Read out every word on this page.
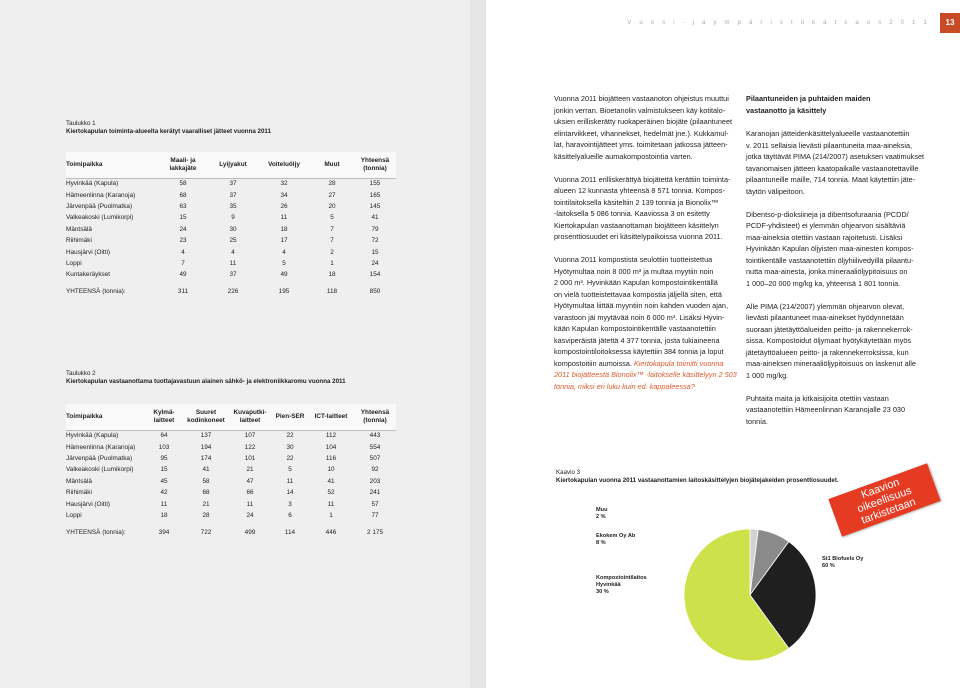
Taulukko 1
Kiertokapulan toiminta-alueelta kerätyt vaaralliset jätteet vuonna 2011
Toimipaikka	Maali- ja
lakkajäte	Lyijyakut	Voiteluöljy	Muut	Yhteensä
(tonnia)
Hyvinkää (Kapula)	58	37	32	28	155
Hämeenlinna (Karanoja)	68	37	34	27	165
Järvenpää (Puolmatka)	63	35	26	20	145
Valkeakoski (Lumikorpi)	15	9	11	5	41
Mäntsälä	24	30	18	7	79
Riihimäki	23	25	17	7	72
Hausjärvi (Oitti)	4	4	4	2	15
Loppi	7	11	5	1	24
Kuntakeräykset	49	37	49	18	154
YHTEENSÄ (tonnia):	311	226	195	118	850
Taulukko 2
Kiertokapulan vastaanottama tuottajavastuun alainen sähkö- ja elektroniikkaromu vuonna 2011
Toimipaikka	Kylmä-
laitteet	Suuret
kodinkoneet	Kuvaputki-
laitteet	Pien-SER	ICT-laitteet	Yhteensä
(tonnia)
Hyvinkää (Kapula)	64	137	107	22	112	443
Hämeenlinna (Karanoja)	103	194	122	30	104	554
Järvenpää (Puolmatka)	95	174	101	22	116	507
Valkeakoski (Lumikorpi)	15	41	21	5	10	92
Mäntsälä	45	58	47	11	41	203
Riihimäki	42	68	66	14	52	241
Hausjärvi (Oitti)	11	21	11	3	11	57
Loppi	18	28	24	6	1	77
YHTEENSÄ (tonnia):	394	722	499	114	446	2 175
V u o s i - j a y m p ä r i s t ö k a t s a u s 2 0 1 1	13

Vuonna 2011 biojätteen vastaanoton ohjeistus muuttui
jonkin verran. Bioetanolin valmistukseen käy kotitalo-
uksien erilliskerätty ruokaperäinen biojäte (pilaantuneet
elintarvikkeet, vihannekset, hedelmät jne.). Kukkamul-
lat, haravointijätteet yms. toimitetaan jatkossa jätteen-
käsittelyalueille aumakompostointia varten.

Vuonna 2011 erilliskerättyä biojätettä kerättiin toiminta-
alueen 12 kunnasta yhteensä 8 571 tonnia. Kompos-
tointilaitoksella käsiteltiin 2 139 tonnia ja Bionolix™
-laitoksella 5 086 tonnia. Kaaviossa 3 on esitetty
Kiertokapulan vastaanottaman biojätteen käsittelyn
prosenttiosuudet eri käsittelypaikoissa vuonna 2011.

Vuonna 2011 kompostista seulottiin tuotteistettua
Hyötymultaa noin 8 000 m³ ja multaa myytiin noin
2 000 m³. Hyvinkään Kapulan kompostointikentällä
on vielä tuotteistettavaa kompostia jäljellä siten, että
Hyötymultaa liittää myyntiin noin kahden vuoden ajan,
varastoon jäi myytävää noin 6 000 m³. Lisäksi Hyvin-
kään Kapulan kompostointikentälle vastaanotettiin
kasviperäistä jätettä 4 377 tonnia, josta tukiaineena
kompostointiloitoksessa käytettiin 384 tonnia ja loput
kompostoitiin aumoissa. Kiertokapula toimitti vuonna
2011 biojätteestä Bionolix™ -laitokselle käsittelyyn 2 503
tonnia, miksi eri luku kuin ed. kappaleessa?

Pilaantuneiden ja puhtaiden maiden
vastaanotto ja käsittely

Karanojan jätteidenkäsittelyalueelle vastaanotettiin
v. 2011 sellaisia lievästi pilaantuneita maa-aineksia,
jotka täyttävät PIMA (214/2007) asetuksen vaatimukset
tavanomaisen jätteen kaatopaikalle vastaanotettaville
pilaantuneille maille, 714 tonnia. Maat käytettiin jäte-
täytön välipeitoon.

Dibentso-p-dioksiineja ja dibentsofuraania (PCDD/
PCDF-yhdisteet) ei ylemmän ohjearvon sisältäviä
maa-aineksia otettiin vastaan rajoitetusti. Lisäksi
Hyvinkään Kapulan öljyisten maa-ainesten kompos-
tointikentälle vastaanotettiin öljyhiilivedyillä pilaantu-
nutta maa-ainesta, jonka mineraaliöljypitoisuus on
1 000–20 000 mg/kg ka, yhteensä 1 801 tonnia.

Alle PIMA (214/2007) ylemmän ohjearvon olevat,
lievästi pilaantuneet maa-ainekset hyödynnetään
suoraan jätetäyttöalueiden peitto- ja rakennekerrok-
sissa. Kompostoidut öljymaat hyötykäytetään myös
jätetäyttöalueen peitto- ja rakennekerroksissa, kun
maa-aineksen mineraaliöljypitoisuus on laskenut alle
1 000 mg/kg.

Puhtaita maita ja kitkaisijoita otettiin vastaan
vastaanotettiin Hämeenlinnan Karanojalle 23 030
tonnia.

Kaavio 3
Kiertokapulan vuonna 2011 vastaanottamien laitoskäsittelyjen biojätejakeiden prosenttiosuudet.
St1 Biofuels Oy
60 %
Kompostointilaitos
Hyvinkää
30 %
Ekokem Oy Ab
8 %
Muu
2 %
Kaavion oikeellisuus
tarkistetaan
